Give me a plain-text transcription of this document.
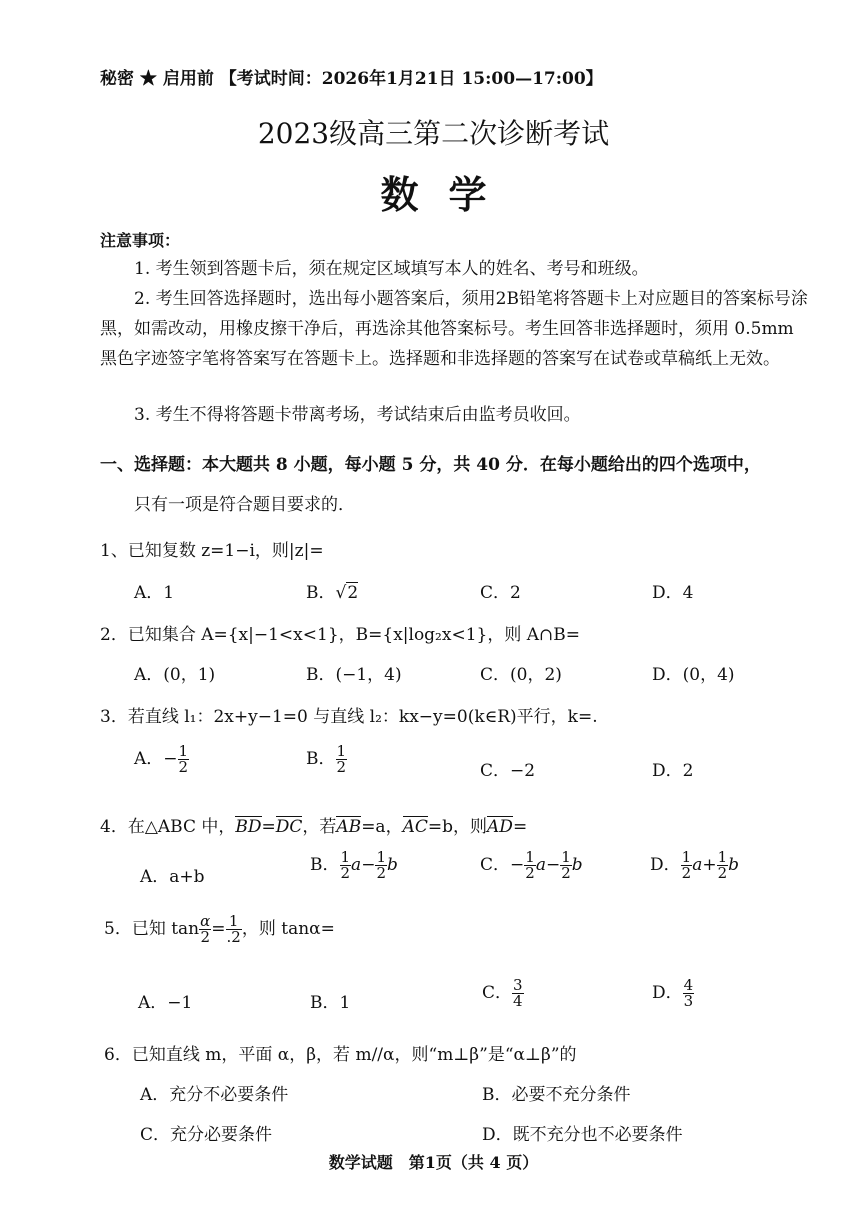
秘密 ★ 启用前 【考试时间：2026年1月21日 15:00—17:00】
2023级高三第二次诊断考试
数学
注意事项：
1. 考生领到答题卡后，须在规定区域填写本人的姓名、考号和班级。
2. 考生回答选择题时，选出每小题答案后，须用2B铅笔将答题卡上对应题目的答案标号涂黑，如需改动，用橡皮擦干净后，再选涂其他答案标号。考生回答非选择题时，须用 0.5mm 黑色字迹签字笔将答案写在答题卡上。选择题和非选择题的答案写在试卷或草稿纸上无效。
3. 考生不得将答题卡带离考场，考试结束后由监考员收回。
一、选择题：本大题共 8 小题，每小题 5 分，共 40 分．在每小题给出的四个选项中，
只有一项是符合题目要求的．
1、已知复数 z=1−i，则|z|=
A．1	B．√2	C．2	D．4
2．已知集合 A={x|−1<x<1}，B={x|log₂x<1}，则 A∩B=
A．(0，1)	B．(−1，4)	C．(0，2)	D．(0，4)
3．若直线 l₁：2x+y−1=0 与直线 l₂：kx−y=0(k∈R)平行，k=.
A．− $\frac{1}{2}$	B． $\frac{1}{2}$	C．−2	D．2
4．在△ABC 中，BD=DC，若AB=a，AC=b，则AD=
A．a+b
B． $\frac{1}{2} a- \frac{1}{2}$ b	C．− $\frac{1}{2} a- \frac{1}{2}$ b	D． $\frac{1}{2} a+ \frac{1}{2}$ b
5．已知 $\tan \frac{\alpha}{2} = \frac{1}{.2}$ ，则 tanα=
A．−1	B．1	C． $\frac{3}{4}$	D． $\frac{4}{3}$
6．已知直线 m，平面 α，β，若 m//α，则“m⊥β”是“α⊥β”的
A．充分不必要条件	B．必要不充分条件
C．充分必要条件	D．既不充分也不必要条件
数学试题　第1页（共 4 页）
